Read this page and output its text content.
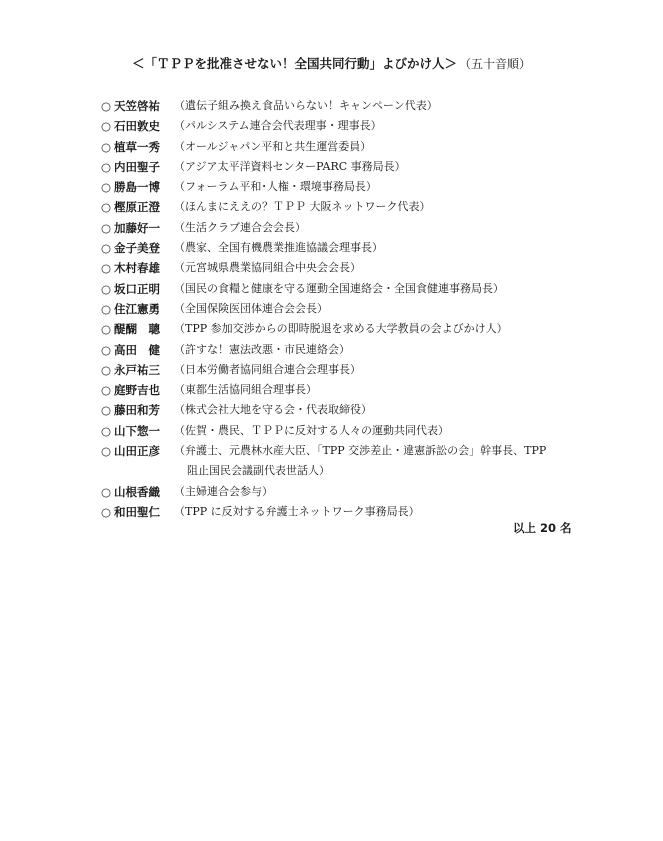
＜「ＴＰＰを批准させない！全国共同行動」よびかけ人＞ （五十音順）
○ 天笠啓祐	（遺伝子組み換え食品いらない！キャンペーン代表）
○ 石田敦史	（パルシステム連合会代表理事・理事長）
○ 植草一秀	（オールジャパン平和と共生運営委員）
○ 内田聖子	（アジア太平洋資料センターPARC 事務局長）
○ 勝島一博	（フォーラム平和･人権・環境事務局長）
○ 樫原正澄	（ほんまにええの？ＴＰＰ 大阪ネットワーク代表）
○ 加藤好一	（生活クラブ連合会会長）
○ 金子美登	（農家、全国有機農業推進協議会理事長）
○ 木村春雄	（元宮城県農業協同組合中央会会長）
○ 坂口正明	（国民の食糧と健康を守る運動全国連絡会・全国食健連事務局長）
○ 住江憲勇	（全国保険医団体連合会会長）
○ 醍醐　聰	（TPP 参加交渉からの即時脱退を求める大学教員の会よびかけ人）
○ 高田　健	（許すな！憲法改悪・市民連絡会）
○ 永戸祐三	（日本労働者協同組合連合会理事長）
○ 庭野吉也	（東都生活協同組合理事長）
○ 藤田和芳	（株式会社大地を守る会・代表取締役）
○ 山下惣一	（佐賀・農民、ＴＰＰに反対する人々の運動共同代表）
○ 山田正彦	（弁護士、元農林水産大臣、「TPP 交渉差止・違憲訴訟の会」幹事長、TPP
阻止国民会議副代表世話人）
○ 山根香織	（主婦連合会参与）
○ 和田聖仁	（TPP に反対する弁護士ネットワーク事務局長）
以上 20 名
